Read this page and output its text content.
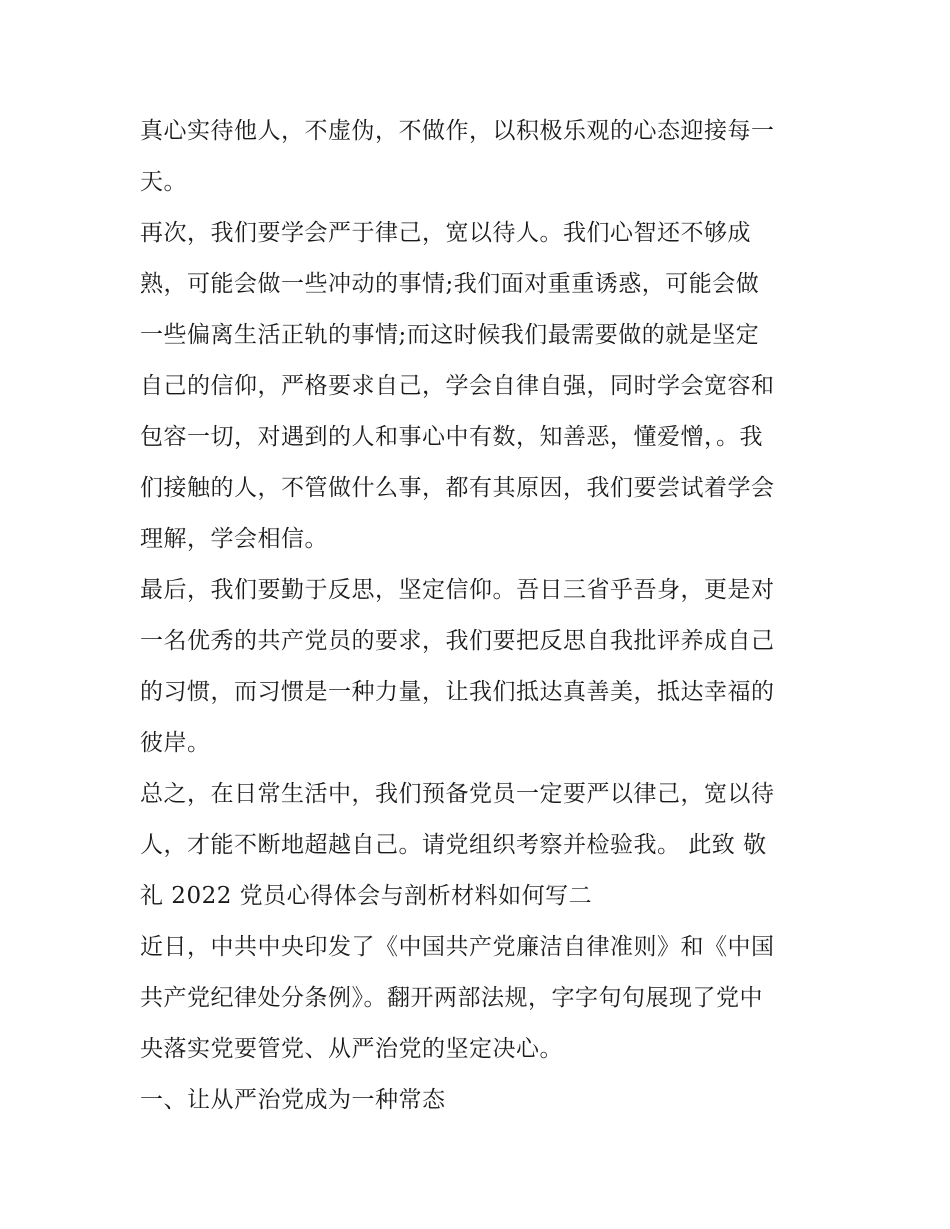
真心实待他人，不虚伪，不做作，以积极乐观的心态迎接每一
天。
再次，我们要学会严于律己，宽以待人。我们心智还不够成
熟，可能会做一些冲动的事情;我们面对重重诱惑，可能会做
一些偏离生活正轨的事情;而这时候我们最需要做的就是坚定
自己的信仰，严格要求自己，学会自律自强，同时学会宽容和
包容一切，对遇到的人和事心中有数，知善恶，懂爱憎，。我
们接触的人，不管做什么事，都有其原因，我们要尝试着学会
理解，学会相信。
最后，我们要勤于反思，坚定信仰。吾日三省乎吾身，更是对
一名优秀的共产党员的要求，我们要把反思自我批评养成自己
的习惯，而习惯是一种力量，让我们抵达真善美，抵达幸福的
彼岸。
总之，在日常生活中，我们预备党员一定要严以律己，宽以待
人，才能不断地超越自己。请党组织考察并检验我。 此致 敬
礼 2022 党员心得体会与剖析材料如何写二
近日，中共中央印发了《中国共产党廉洁自律准则》和《中国
共产党纪律处分条例》。翻开两部法规，字字句句展现了党中
央落实党要管党、从严治党的坚定决心。
一、让从严治党成为一种常态
